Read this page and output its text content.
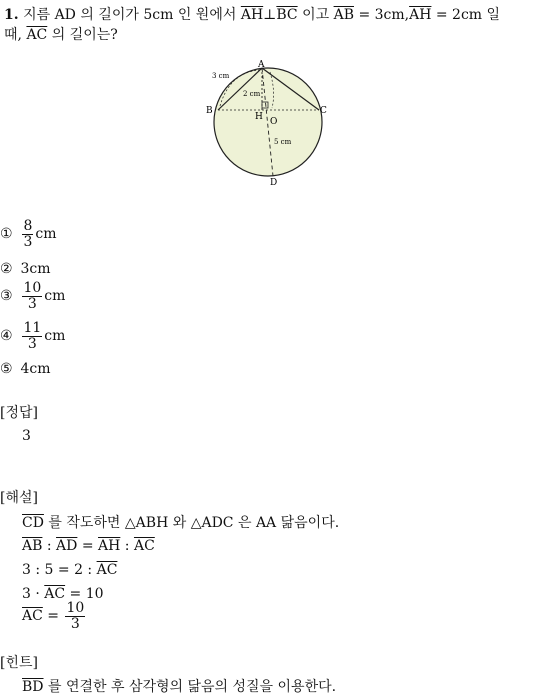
1. 지름 AD 의 길이가 5cm 인 원에서 $\overline{AH}\perp\overline{BC}$ 이고 $\overline{AB} = 3cm,\overline{AH} = 2cm$ 일
때, $\overline{AC}$ 의 길이는?
A
B	C
D
H O
3 cm
2 cm
5 cm
① $\frac{8}{3}$ cm
② 3cm
③ $\frac{10}{3}$ cm
④ $\frac{11}{3}$ cm
⑤ 4cm
[정답]
3
[해설]
$\overline{CD}$ 를 작도하면 △ABH 와 △ADC 은 AA 닮음이다.
$\overline{AB}$ : $\overline{AD} = \overline{AH}$ : $\overline{AC}$
3 : 5 = 2 : $\overline{AC}$
$3 \cdot \overline{AC} = 10$
$\overline{AC} = \frac{10}{3}$
[힌트]
$\overline{BD}$ 를 연결한 후 삼각형의 닮음의 성질을 이용한다.
